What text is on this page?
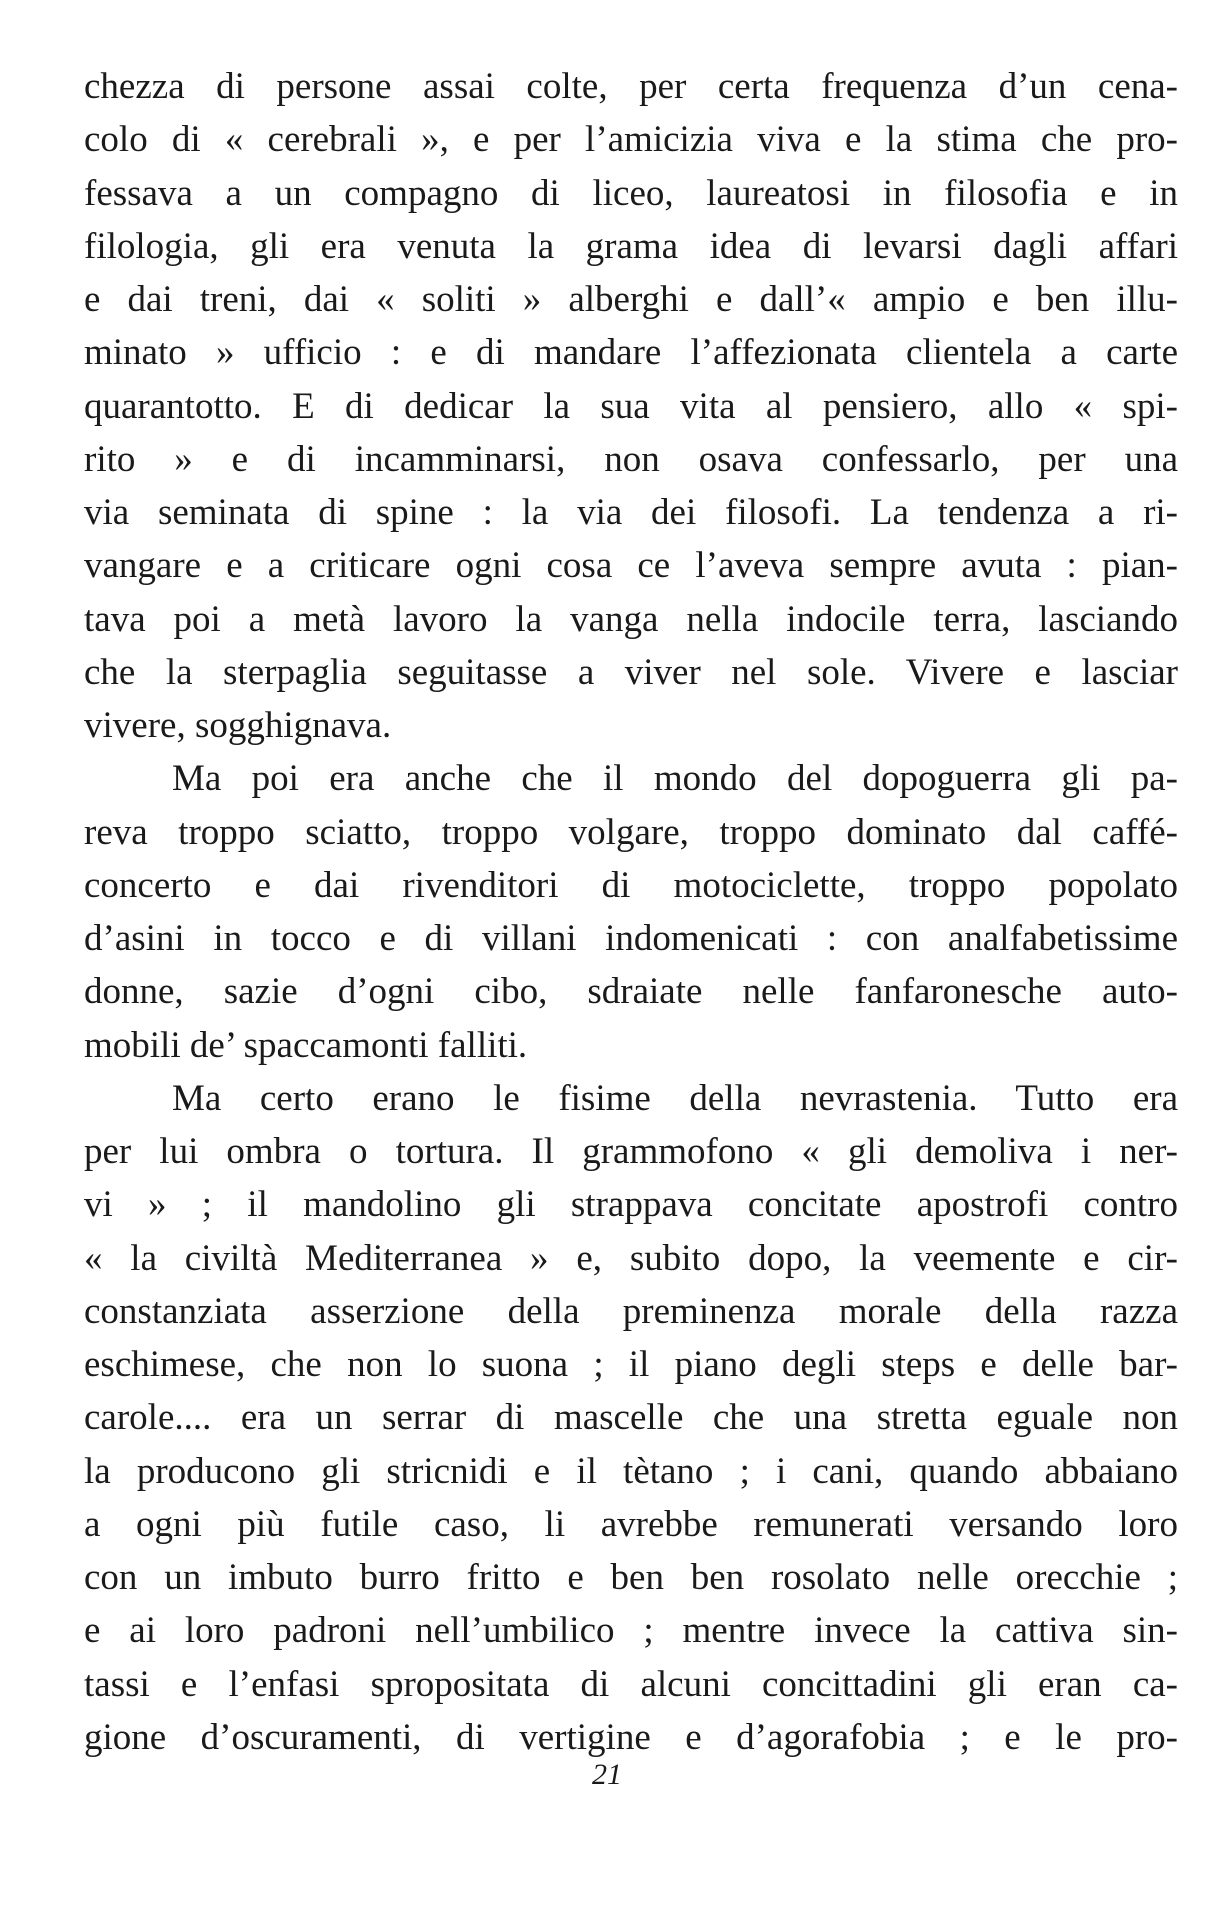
chezza di persone assai colte, per certa frequenza d’un cena-
colo di « cerebrali », e per l’amicizia viva e la stima che pro-
fessava a un compagno di liceo, laureatosi in filosofia e in
filologia, gli era venuta la grama idea di levarsi dagli affari
e dai treni, dai « soliti » alberghi e dall’« ampio e ben illu-
minato » ufficio : e di mandare l’affezionata clientela a carte
quarantotto. E di dedicar la sua vita al pensiero, allo « spi-
rito » e di incamminarsi, non osava confessarlo, per una
via seminata di spine : la via dei filosofi. La tendenza a ri-
vangare e a criticare ogni cosa ce l’aveva sempre avuta : pian-
tava poi a metà lavoro la vanga nella indocile terra, lasciando
che la sterpaglia seguitasse a viver nel sole. Vivere e lasciar
vivere, sogghignava.
Ma poi era anche che il mondo del dopoguerra gli pa-
reva troppo sciatto, troppo volgare, troppo dominato dal caffé-
concerto e dai rivenditori di motociclette, troppo popolato
d’asini in tocco e di villani indomenicati : con analfabetissime
donne, sazie d’ogni cibo, sdraiate nelle fanfaronesche auto-
mobili de’ spaccamonti falliti.
Ma certo erano le fisime della nevrastenia. Tutto era
per lui ombra o tortura. Il grammofono « gli demoliva i ner-
vi » ; il mandolino gli strappava concitate apostrofi contro
« la civiltà Mediterranea » e, subito dopo, la veemente e cir-
constanziata asserzione della preminenza morale della razza
eschimese, che non lo suona ; il piano degli steps e delle bar-
carole.... era un serrar di mascelle che una stretta eguale non
la producono gli stricnidi e il tètano ; i cani, quando abbaiano
a ogni più futile caso, li avrebbe remunerati versando loro
con un imbuto burro fritto e ben ben rosolato nelle orecchie ;
e ai loro padroni nell’umbilico ; mentre invece la cattiva sin-
tassi e l’enfasi spropositata di alcuni concittadini gli eran ca-
gione d’oscuramenti, di vertigine e d’agorafobia ; e le pro-
21
